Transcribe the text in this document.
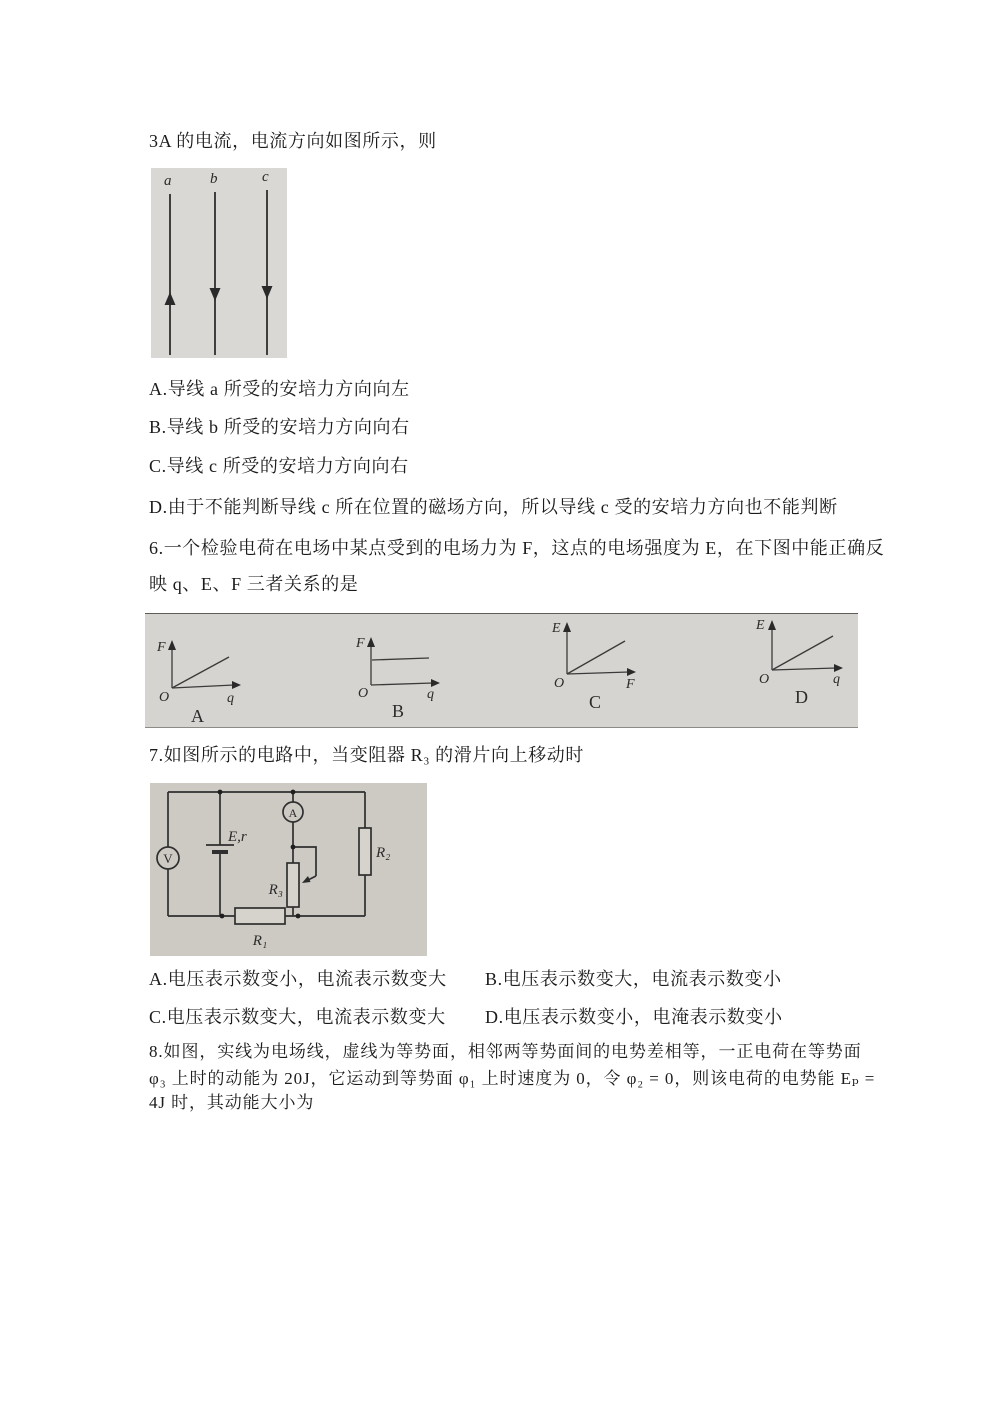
3A 的电流，电流方向如图所示，则
a	b	c
A.导线 a 所受的安培力方向向左
B.导线 b 所受的安培力方向向右
C.导线 c 所受的安培力方向向右
D.由于不能判断导线 c 所在位置的磁场方向，所以导线 c 受的安培力方向也不能判断
6.一个检验电荷在电场中某点受到的电场力为 F，这点的电场强度为 E，在下图中能正确反
映 q、E、F 三者关系的是
F
O	q
A
F
O	q
B
E
O	F
C
E
O	q
D
7.如图所示的电路中，当变阻器 R₃ 的滑片向上移动时
E,r
V
A
R₃
R₂
R₁
A.电压表示数变小，电流表示数变大 B.电压表示数变大，电流表示数变小
C.电压表示数变大，电流表示数变大 D.电压表示数变小，电淹表示数变小
8.如图，实线为电场线，虚线为等势面，相邻两等势面间的电势差相等，一正电荷在等势面
φ₃ 上时的动能为 20J，它运动到等势面 φ₁ 上时速度为 0，令 φ₂ = 0，则该电荷的电势能 Eₚ =
4J 时，其动能大小为
